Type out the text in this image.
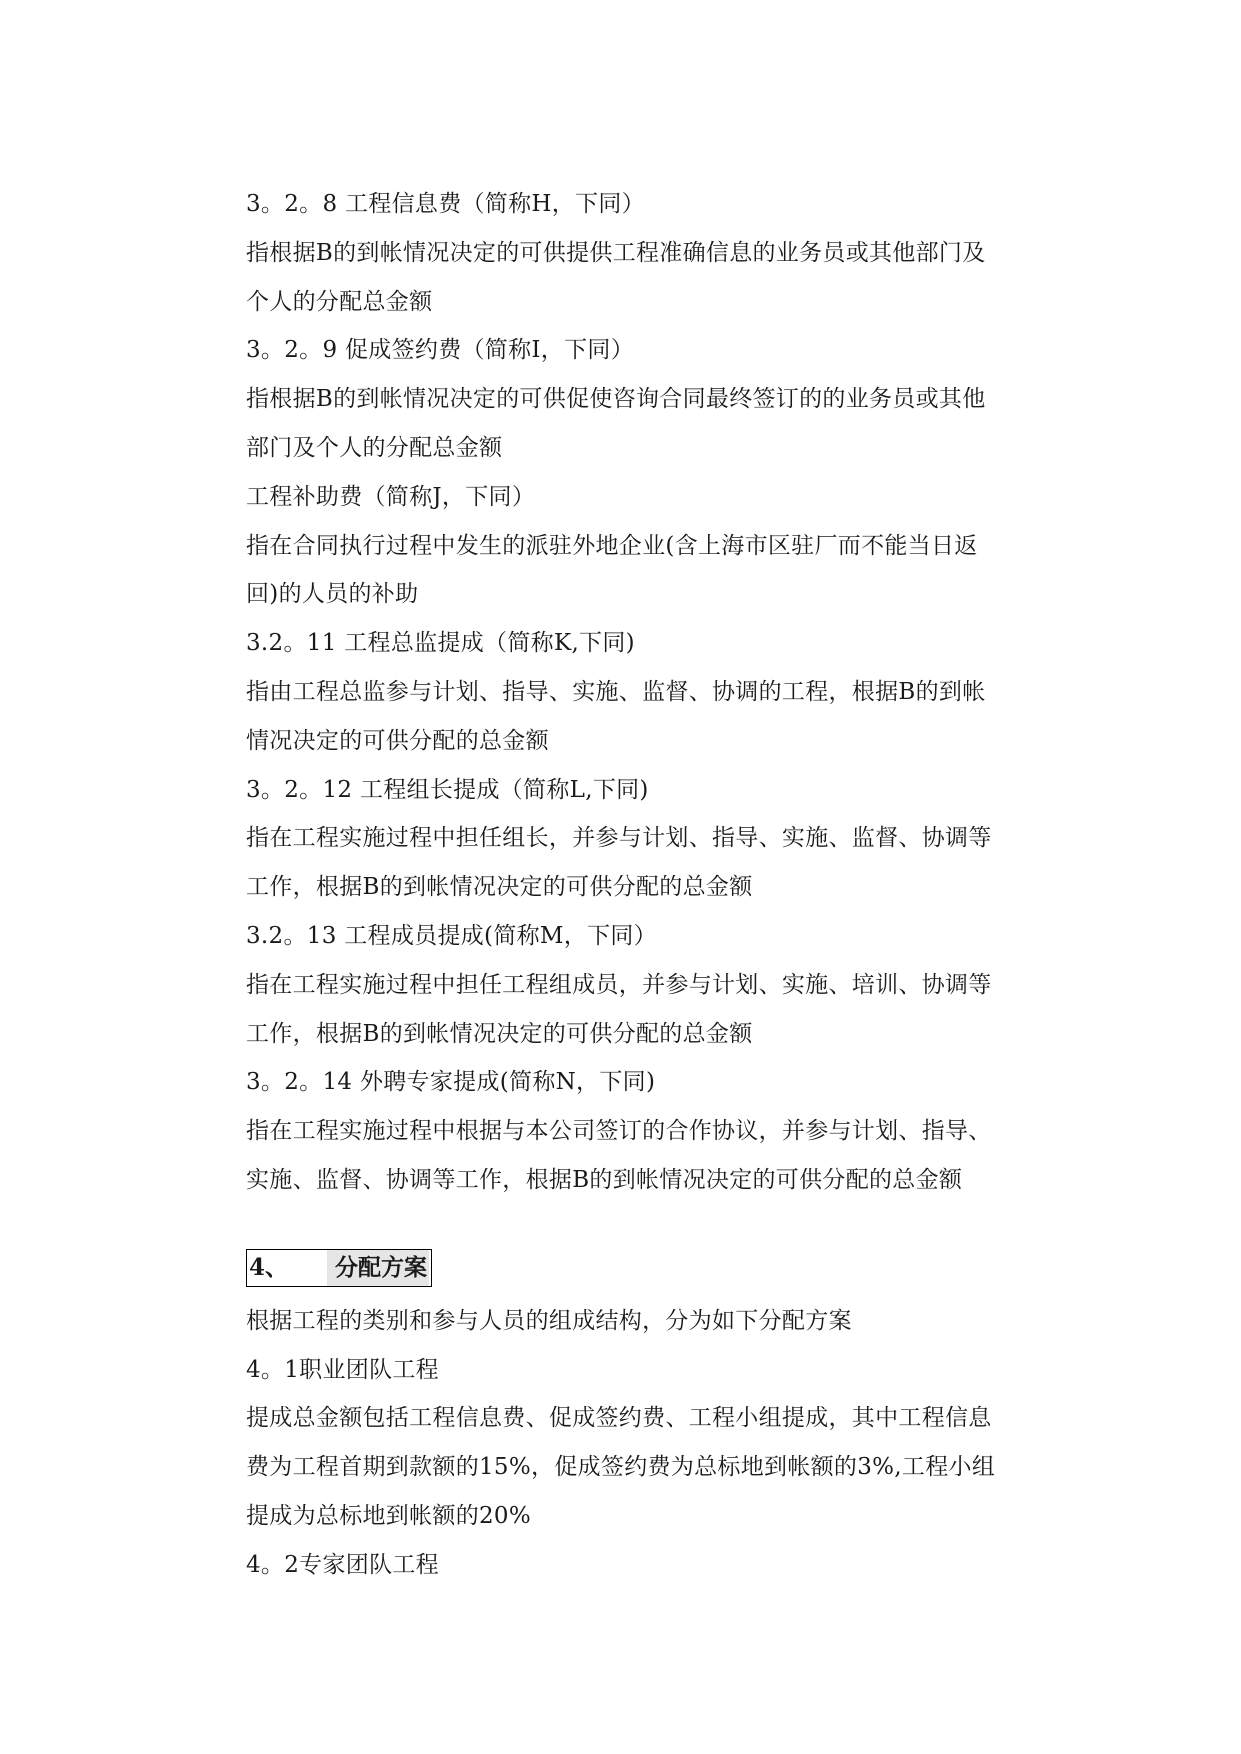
3。2。8 工程信息费（简称H，下同）
指根据B的到帐情况决定的可供提供工程准确信息的业务员或其他部门及
个人的分配总金额
3。2。9 促成签约费（简称I，下同）
指根据B的到帐情况决定的可供促使咨询合同最终签订的的业务员或其他
部门及个人的分配总金额
工程补助费（简称J，下同）
指在合同执行过程中发生的派驻外地企业(含上海市区驻厂而不能当日返
回)的人员的补助
3.2。11 工程总监提成（简称K,下同)
指由工程总监参与计划、指导、实施、监督、协调的工程，根据B的到帐
情况决定的可供分配的总金额
3。2。12 工程组长提成（简称L,下同)
指在工程实施过程中担任组长，并参与计划、指导、实施、监督、协调等
工作，根据B的到帐情况决定的可供分配的总金额
3.2。13 工程成员提成(简称M，下同）
指在工程实施过程中担任工程组成员，并参与计划、实施、培训、协调等
工作，根据B的到帐情况决定的可供分配的总金额
3。2。14 外聘专家提成(简称N，下同)
指在工程实施过程中根据与本公司签订的合作协议，并参与计划、指导、
实施、监督、协调等工作，根据B的到帐情况决定的可供分配的总金额
4、 分配方案
根据工程的类别和参与人员的组成结构，分为如下分配方案
4。1职业团队工程
提成总金额包括工程信息费、促成签约费、工程小组提成，其中工程信息
费为工程首期到款额的15%，促成签约费为总标地到帐额的3%,工程小组
提成为总标地到帐额的20%
4。2专家团队工程
